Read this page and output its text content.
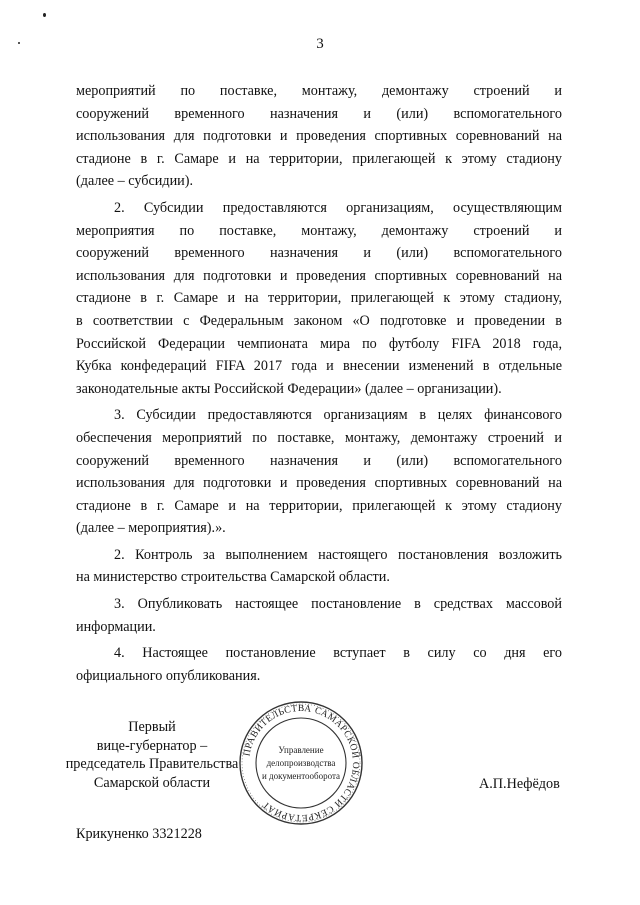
3
мероприятий по поставке, монтажу, демонтажу строений и
сооружений временного назначения и (или) вспомогательного
использования для подготовки и проведения спортивных соревнований на
стадионе в г. Самаре и на территории, прилегающей к этому стадиону
(далее – субсидии).
2. Субсидии предоставляются организациям, осуществляющим
мероприятия по поставке, монтажу, демонтажу строений и
сооружений временного назначения и (или) вспомогательного
использования для подготовки и проведения спортивных соревнований на
стадионе в г. Самаре и на территории, прилегающей к этому стадиону,
в соответствии с Федеральным законом «О подготовке и проведении в
Российской Федерации чемпионата мира по футболу FIFA 2018 года,
Кубка конфедераций FIFA 2017 года и внесении изменений в отдельные
законодательные акты Российской Федерации» (далее – организации).
3. Субсидии предоставляются организациям в целях финансового
обеспечения мероприятий по поставке, монтажу, демонтажу строений и
сооружений временного назначения и (или) вспомогательного
использования для подготовки и проведения спортивных соревнований на
стадионе в г. Самаре и на территории, прилегающей к этому стадиону
(далее – мероприятия).».
2. Контроль за выполнением настоящего постановления возложить
на министерство строительства Самарской области.
3. Опубликовать настоящее постановление в средствах массовой
информации.
4. Настоящее постановление вступает в силу со дня его
официального опубликования.
Первый
вице-губернатор –
председатель Правительства
Самарской области
ПРАВИТЕЛЬСТВА САМАРСКОЙ ОБЛАСТИ СЕКРЕТАРИАТ
Управление
делопроизводства
и документооборота	А.П.Нефёдов
Крикуненко 3321228
